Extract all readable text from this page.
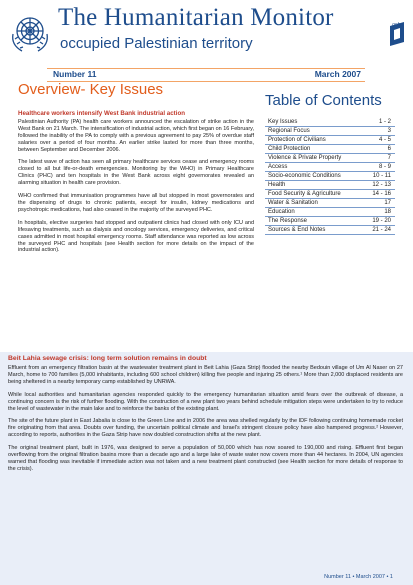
The Humanitarian Monitor
occupied Palestinian territory
ocha
Number 11	March 2007
Overview- Key Issues
Healthcare workers intensify West Bank industrial action

Palestinian Authority (PA) health care workers announced the escalation of strike action in the West Bank on 21 March. The intensification of industrial action, which first began on 16 February, followed the inability of the PA to comply with a previous agreement to pay 25% of overdue staff salaries over a period of four months. An earlier strike lasted for more than three months, between September and December 2006.

The latest wave of action has seen all primary healthcare services cease and emergency rooms closed to all but life-or-death emergencies. Monitoring by the WHO) in Primary Healthcare Clinics (PHC) and ten hospitals in the West Bank across eight governorates revealed an alarming situation in health care provision.

WHO confirmed that immunisation programmes have all but stopped in most governorates and the dispensing of drugs to chronic patients, except for insulin, kidney medications and psychotropic medications, had also ceased in the majority of the surveyed PHC.

In hospitals, elective surgeries had stopped and outpatient clinics had closed with only ICU and lifesaving treatments, such as dialysis and oncology services, emergency deliveries, and critical cases admitted in most hospital emergency rooms. Staff attendance was reported as low across the surveyed PHC and hospitals (see Health section for more details on the impact of the industrial action).

Table of Contents
Key Issues	1 - 2
Regional Focus	3
Protection of Civilians	4 - 5
Child Protection	6
Violence & Private Property	7
Access	8 - 9
Socio-economic Conditions	10 - 11
Health	12 - 13
Food Security & Agriculture	14 - 16
Water & Sanitation	17
Education	18
The Response	19 - 20
Sources & End Notes	21 - 24
Beit Lahia sewage crisis: long term solution remains in doubt

Effluent from an emergency filtration basin at the wastewater treatment plant in Beit Lahia (Gaza Strip) flooded the nearby Bedouin village of Um Al Naser on 27 March, home to 700 families (5,000 inhabitants, including 600 school children) killing five people and injuring 25 others.¹ More than 2,000 displaced residents are being sheltered in a nearby temporary camp established by UNRWA.

While local authorities and humanitarian agencies responded quickly to the emergency humanitarian situation amid fears over the outbreak of disease, a continuing concern is the risk of further flooding. With the construction of a new plant two years behind schedule mitigation steps were undertaken to try to reduce the level of wastewater in the main lake and to reinforce the banks of the existing plant.

The site of the future plant in East Jabalia is close to the Green Line and in 2006 the area was shelled regularly by the IDF following continuing homemade rocket fire originating from that area. Doubts over funding, the uncertain political climate and Israel's stringent closure policy have also hampered progress.² However, according to reports, authorities in the Gaza Strip have now doubled construction shifts at the new plant.

The original treatment plant, built in 1976, was designed to serve a population of 50,000 which has now soared to 190,000 and rising. Effluent first began overflowing from the original filtration basins more than a decade ago and a large lake of waste water now covers more than 44 hectares. In 2004, UN agencies warned that flooding was inevitable if immediate action was not taken and a new treatment plant constructed (see Health section for more details of response to the crisis).

Number 11 • March 2007 • 1
